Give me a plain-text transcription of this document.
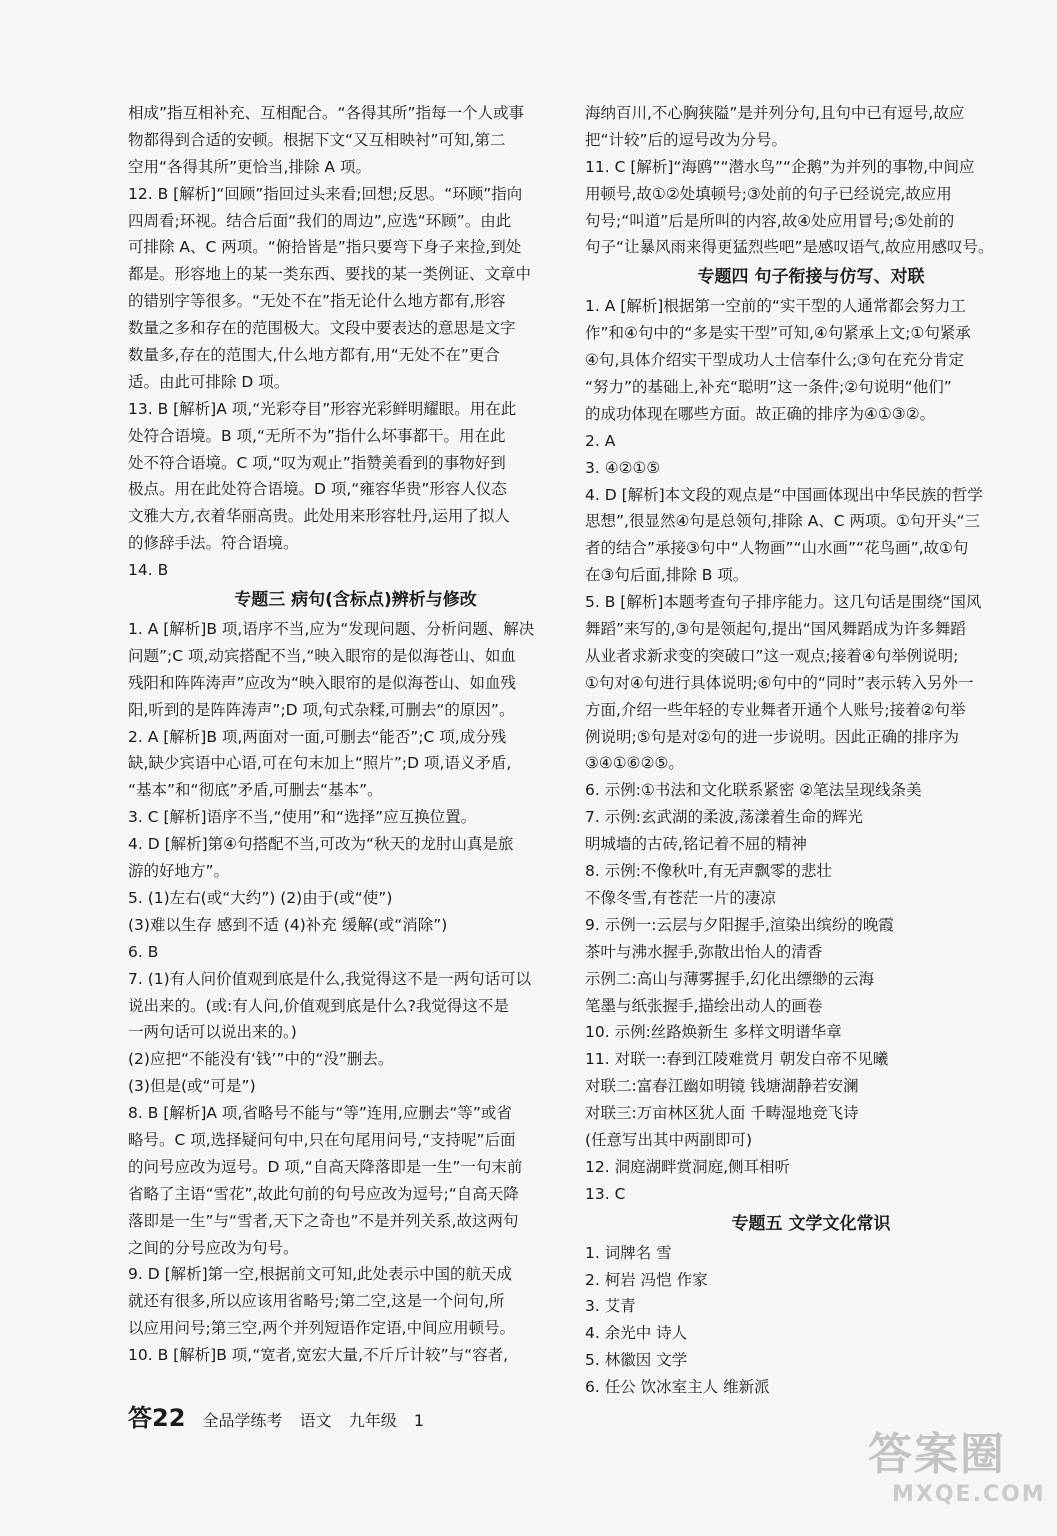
相成”指互相补充、互相配合。“各得其所”指每一个人或事
物都得到合适的安顿。根据下文“又互相映衬”可知,第二
空用“各得其所”更恰当,排除 A 项。
12. B [解析]“回顾”指回过头来看;回想;反思。“环顾”指向
四周看;环视。结合后面“我们的周边”,应选“环顾”。由此
可排除 A、C 两项。“俯拾皆是”指只要弯下身子来捡,到处
都是。形容地上的某一类东西、要找的某一类例证、文章中
的错别字等很多。“无处不在”指无论什么地方都有,形容
数量之多和存在的范围极大。文段中要表达的意思是文字
数量多,存在的范围大,什么地方都有,用“无处不在”更合
适。由此可排除 D 项。
13. B [解析]A 项,“光彩夺目”形容光彩鲜明耀眼。用在此
处符合语境。B 项,“无所不为”指什么坏事都干。用在此
处不符合语境。C 项,“叹为观止”指赞美看到的事物好到
极点。用在此处符合语境。D 项,“雍容华贵”形容人仪态
文雅大方,衣着华丽高贵。此处用来形容牡丹,运用了拟人
的修辞手法。符合语境。
14. B
专题三 病句(含标点)辨析与修改
1. A [解析]B 项,语序不当,应为“发现问题、分析问题、解决
问题”;C 项,动宾搭配不当,“映入眼帘的是似海苍山、如血
残阳和阵阵涛声”应改为“映入眼帘的是似海苍山、如血残
阳,听到的是阵阵涛声”;D 项,句式杂糅,可删去“的原因”。
2. A [解析]B 项,两面对一面,可删去“能否”;C 项,成分残
缺,缺少宾语中心语,可在句末加上“照片”;D 项,语义矛盾,
“基本”和“彻底”矛盾,可删去“基本”。
3. C [解析]语序不当,“使用”和“选择”应互换位置。
4. D [解析]第④句搭配不当,可改为“秋天的龙肘山真是旅
游的好地方”。
5. (1)左右(或“大约”) (2)由于(或“使”)
(3)难以生存 感到不适 (4)补充 缓解(或“消除”)
6. B
7. (1)有人问价值观到底是什么,我觉得这不是一两句话可以
说出来的。(或:有人问,价值观到底是什么?我觉得这不是
一两句话可以说出来的。)
(2)应把“不能没有‘钱’”中的“没”删去。
(3)但是(或“可是”)
8. B [解析]A 项,省略号不能与“等”连用,应删去“等”或省
略号。C 项,选择疑问句中,只在句尾用问号,“支持呢”后面
的问号应改为逗号。D 项,“自高天降落即是一生”一句末前
省略了主语“雪花”,故此句前的句号应改为逗号;“自高天降
落即是一生”与“雪者,天下之奇也”不是并列关系,故这两句
之间的分号应改为句号。
9. D [解析]第一空,根据前文可知,此处表示中国的航天成
就还有很多,所以应该用省略号;第二空,这是一个问句,所
以应用问号;第三空,两个并列短语作定语,中间应用顿号。
10. B [解析]B 项,“宽者,宽宏大量,不斤斤计较”与“容者,
海纳百川,不心胸狭隘”是并列分句,且句中已有逗号,故应
把“计较”后的逗号改为分号。
11. C [解析]“海鸥”“潜水鸟”“企鹅”为并列的事物,中间应
用顿号,故①②处填顿号;③处前的句子已经说完,故应用
句号;“叫道”后是所叫的内容,故④处应用冒号;⑤处前的
句子“让暴风雨来得更猛烈些吧”是感叹语气,故应用感叹号。
专题四 句子衔接与仿写、对联
1. A [解析]根据第一空前的“实干型的人通常都会努力工
作”和④句中的“多是实干型”可知,④句紧承上文;①句紧承
④句,具体介绍实干型成功人士信奉什么;③句在充分肯定
“努力”的基础上,补充“聪明”这一条件;②句说明“他们”
的成功体现在哪些方面。故正确的排序为④①③②。
2. A
3. ④②①⑤
4. D [解析]本文段的观点是“中国画体现出中华民族的哲学
思想”,很显然④句是总领句,排除 A、C 两项。①句开头“三
者的结合”承接③句中“人物画”“山水画”“花鸟画”,故①句
在③句后面,排除 B 项。
5. B [解析]本题考查句子排序能力。这几句话是围绕“国风
舞蹈”来写的,③句是领起句,提出“国风舞蹈成为许多舞蹈
从业者求新求变的突破口”这一观点;接着④句举例说明;
①句对④句进行具体说明;⑥句中的“同时”表示转入另外一
方面,介绍一些年轻的专业舞者开通个人账号;接着②句举
例说明;⑤句是对②句的进一步说明。因此正确的排序为
③④①⑥②⑤。
6. 示例:①书法和文化联系紧密 ②笔法呈现线条美
7. 示例:玄武湖的柔波,荡漾着生命的辉光
明城墙的古砖,铭记着不屈的精神
8. 示例:不像秋叶,有无声飘零的悲壮
不像冬雪,有苍茫一片的凄凉
9. 示例一:云层与夕阳握手,渲染出缤纷的晚霞
茶叶与沸水握手,弥散出怡人的清香
示例二:高山与薄雾握手,幻化出缥缈的云海
笔墨与纸张握手,描绘出动人的画卷
10. 示例:丝路焕新生 多样文明谱华章
11. 对联一:春到江陵难赏月 朝发白帝不见曦
对联二:富春江幽如明镜 钱塘湖静若安澜
对联三:万亩林区犹人面 千畴湿地竞飞诗
(任意写出其中两副即可)
12. 洞庭湖畔赏洞庭,侧耳相听
13. C
专题五 文学文化常识
1. 词牌名 雪
2. 柯岩 冯恺 作家
3. 艾青
4. 余光中 诗人
5. 林徽因 文学
6. 任公 饮冰室主人 维新派
答22 全品学练考 语文 九年级 1
答案圈
MXQE.COM
